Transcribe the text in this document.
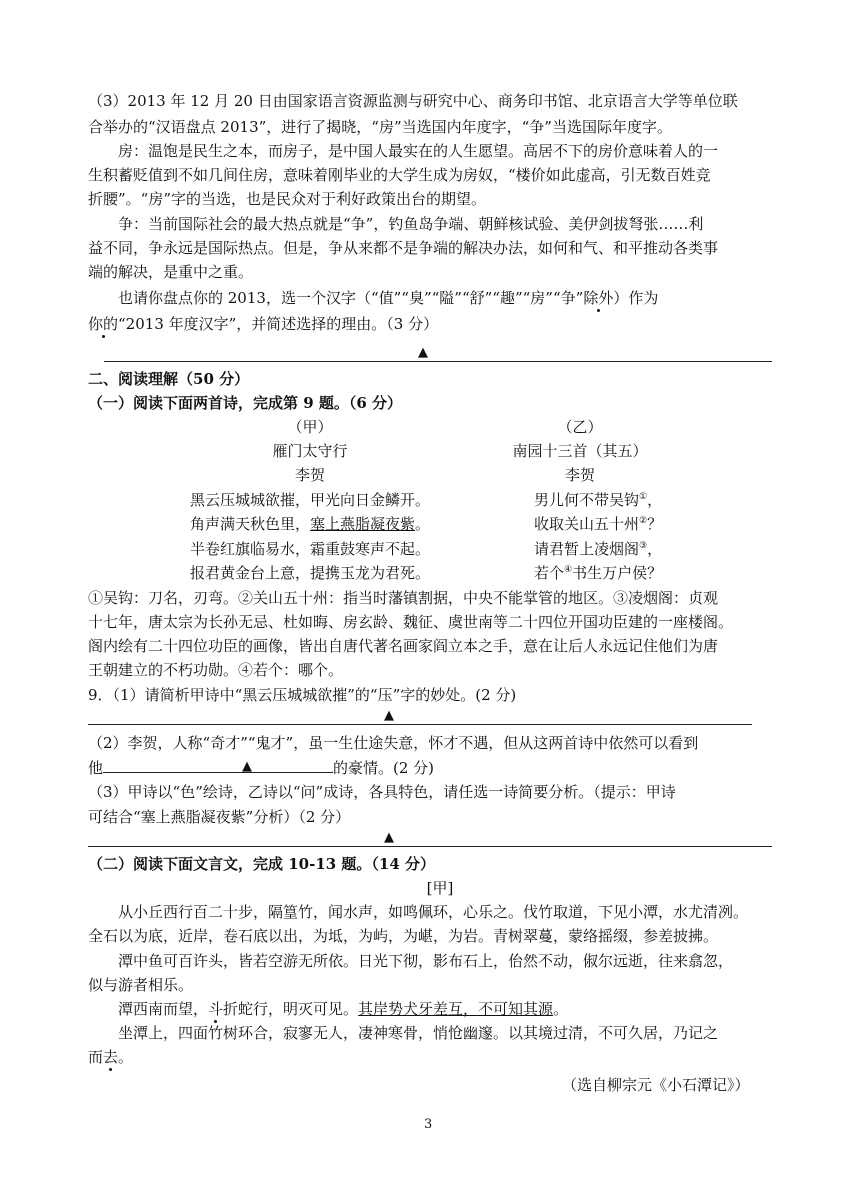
（3）2013 年 12 月 20 日由国家语言资源监测与研究中心、商务印书馆、北京语言大学等单位联
合举办的“汉语盘点 2013”，进行了揭晓，“房”当选国内年度字，“争”当选国际年度字。
房：温饱是民生之本，而房子，是中国人最实在的人生愿望。高居不下的房价意味着人的一
生积蓄贬值到不如几间住房，意味着刚毕业的大学生成为房奴，“楼价如此虚高，引无数百姓竞
折腰”。“房”字的当选，也是民众对于利好政策出台的期望。
争：当前国际社会的最大热点就是“争”，钓鱼岛争端、朝鲜核试验、美伊剑拔弩张……利
益不同，争永远是国际热点。但是，争从来都不是争端的解决办法，如何和气、和平推动各类事
端的解决，是重中之重。
也请你盘点你的 2013，选一个汉字（“值”“臭”“隘”“舒”“趣”“房”“争”除外）作为
你的“2013 年度汉字”，并简述选择的理由。（3 分）
▲
二、阅读理解（50 分）
（一）阅读下面两首诗，完成第 9 题。（6 分）
（甲）
雁门太守行
李贺
黑云压城城欲摧，甲光向日金鳞开。
角声满天秋色里，塞上燕脂凝夜紫。
半卷红旗临易水，霜重鼓寒声不起。
报君黄金台上意，提携玉龙为君死。
（乙）
南园十三首（其五）
李贺
男儿何不带吴钩①，
收取关山五十州②？
请君暂上凌烟阁③，
若个④书生万户侯？
①吴钩：刀名，刃弯。②关山五十州：指当时藩镇割据，中央不能掌管的地区。③凌烟阁：贞观
十七年，唐太宗为长孙无忌、杜如晦、房玄龄、魏征、虞世南等二十四位开国功臣建的一座楼阁。
阁内绘有二十四位功臣的画像，皆出自唐代著名画家阎立本之手，意在让后人永远记住他们为唐
王朝建立的不朽功勋。④若个：哪个。
9．（1）请简析甲诗中“黑云压城城欲摧”的“压”字的妙处。(2 分)
▲
（2）李贺，人称“奇才”“鬼才”，虽一生仕途失意，怀才不遇，但从这两首诗中依然可以看到
他	的豪情。(2 分)
▲
（3）甲诗以“色”绘诗，乙诗以“问”成诗，各具特色，请任选一诗简要分析。（提示：甲诗
可结合“塞上燕脂凝夜紫”分析）（2 分）
▲
（二）阅读下面文言文，完成 10-13 题。（14 分）
[甲]
从小丘西行百二十步，隔篁竹，闻水声，如鸣佩环，心乐之。伐竹取道，下见小潭，水尤清冽。
全石以为底，近岸，卷石底以出，为坻，为屿，为嵁，为岩。青树翠蔓，蒙络摇缀，参差披拂。
潭中鱼可百许头，皆若空游无所依。日光下彻，影布石上，佁然不动，俶尔远逝，往来翕忽，
似与游者相乐。
潭西南而望，斗折蛇行，明灭可见。其岸势犬牙差互，不可知其源。
坐潭上，四面竹树环合，寂寥无人，凄神寒骨，悄怆幽邃。以其境过清，不可久居，乃记之
而去。
（选自柳宗元《小石潭记》）
3
